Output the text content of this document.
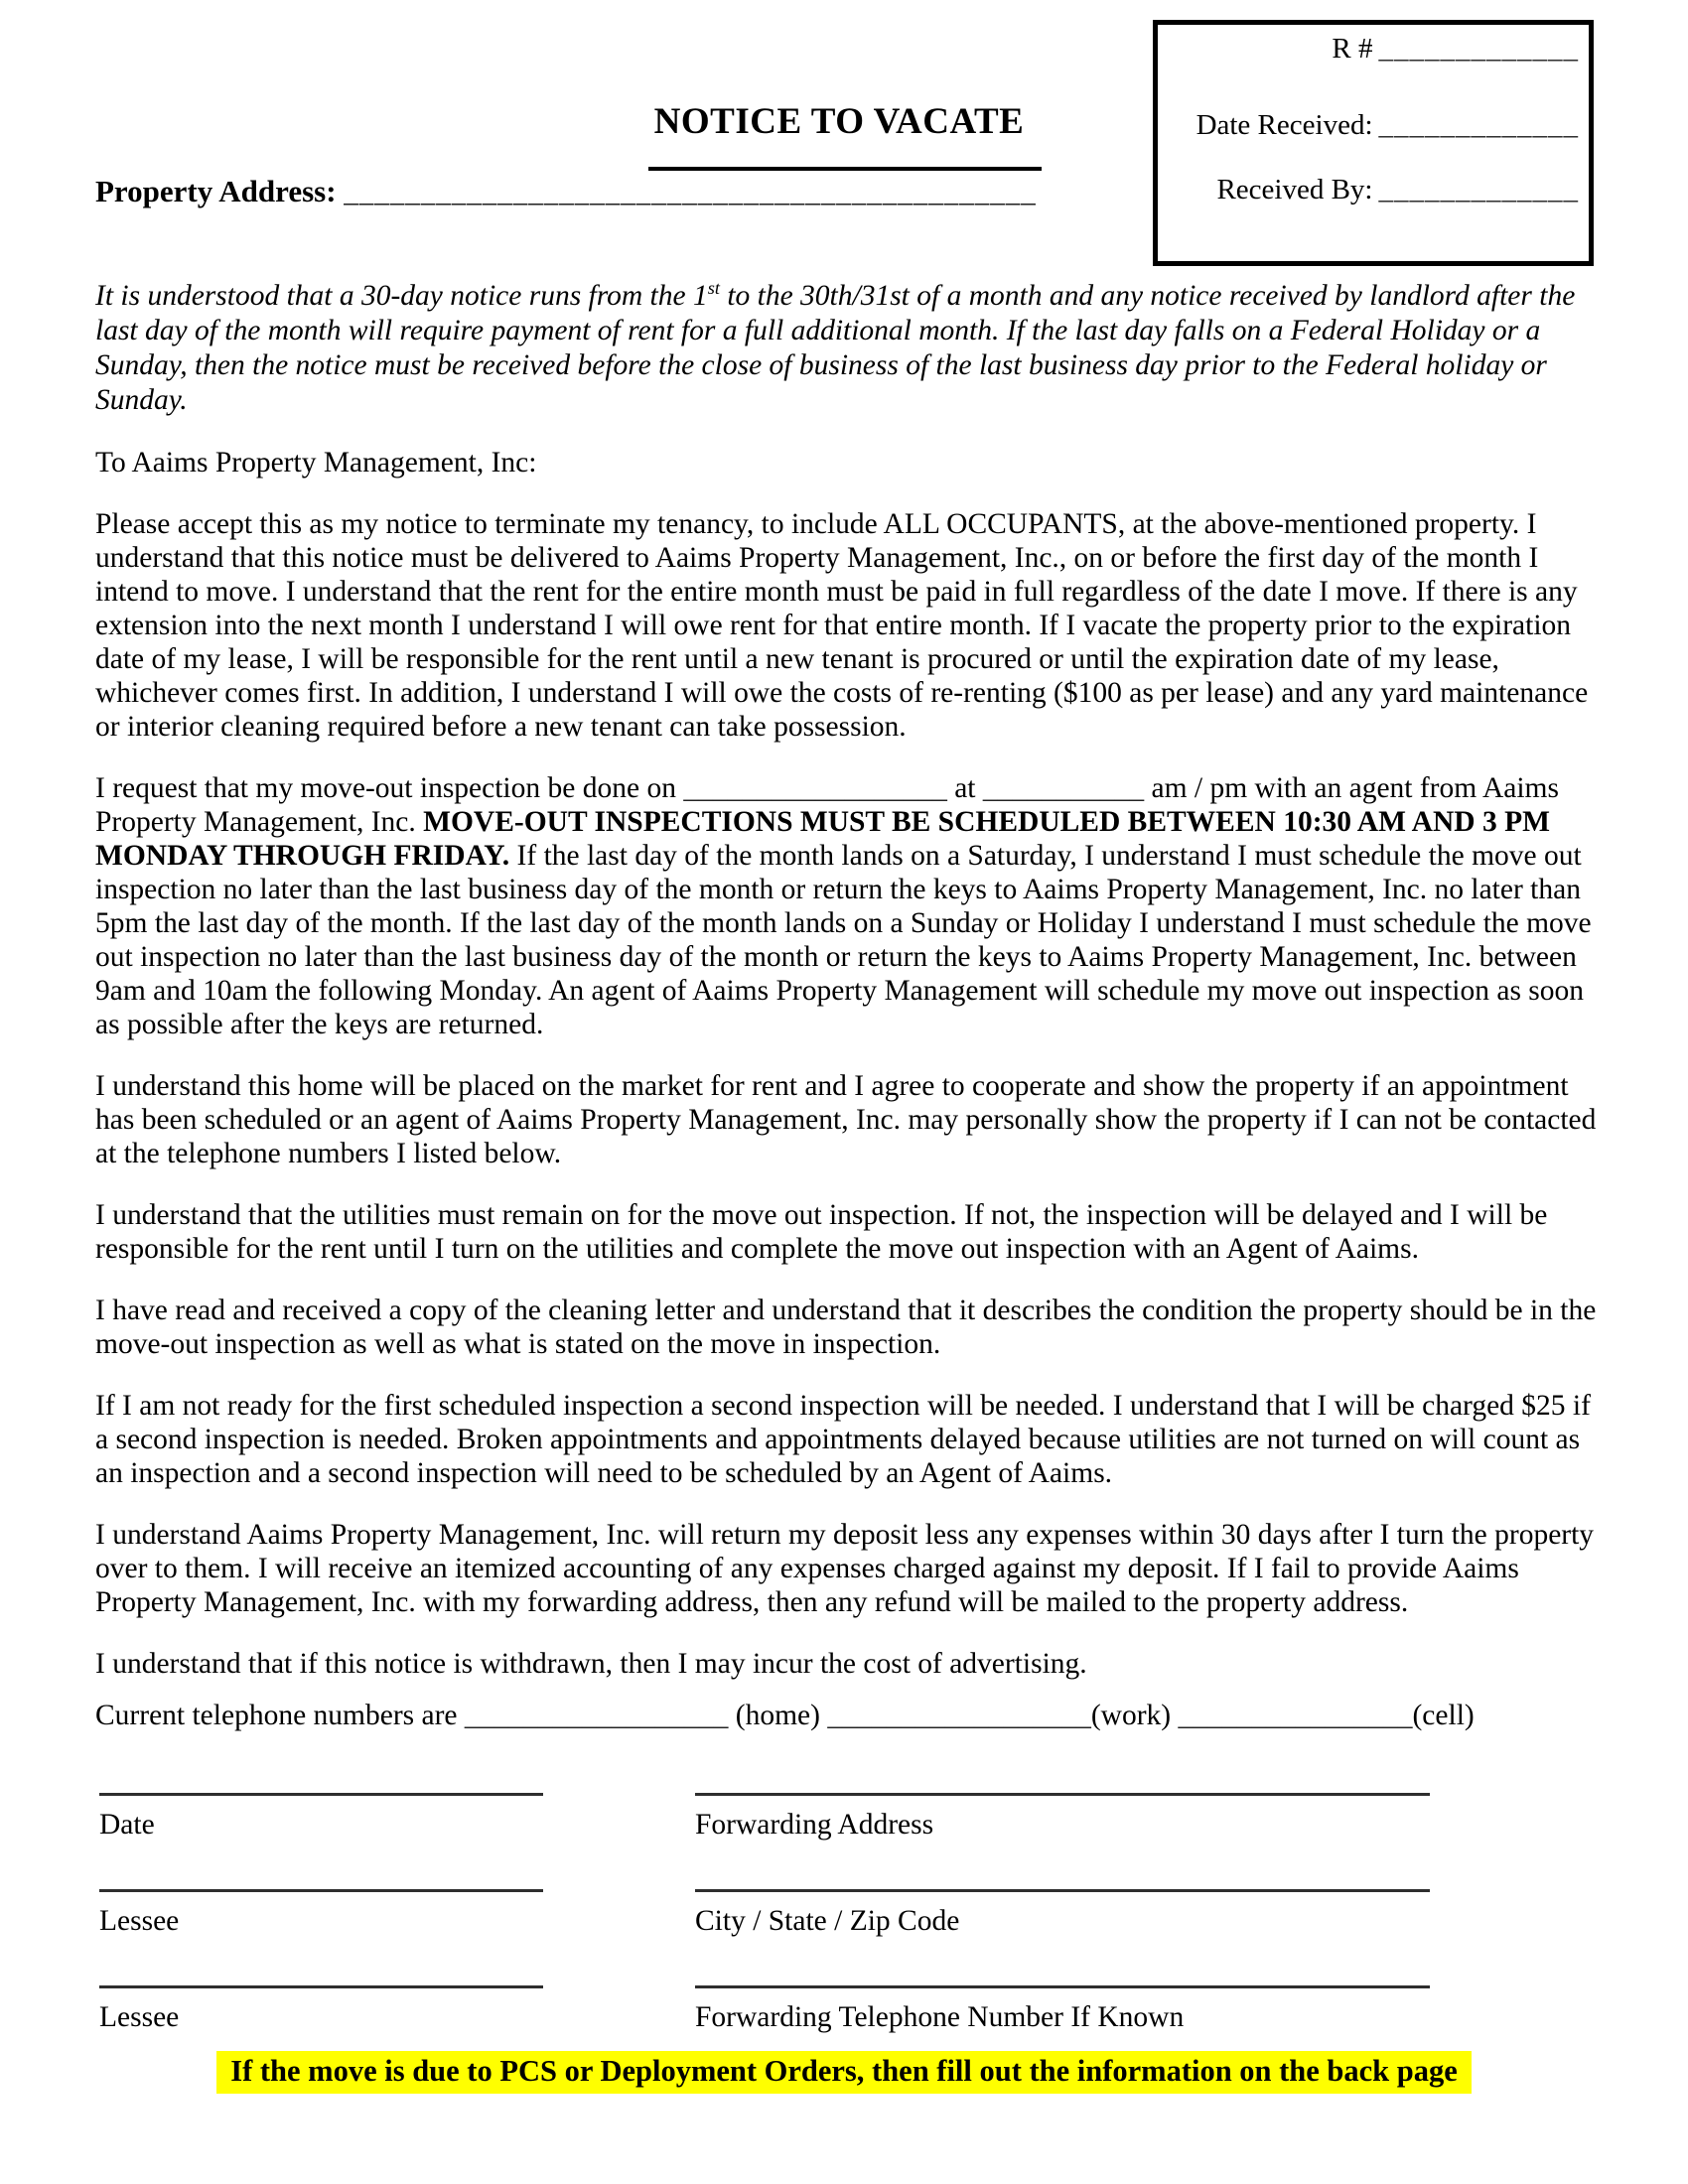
R # _____________
Date Received: _____________
Received By: _____________
NOTICE TO VACATE
Property Address: _____________________________________________

It is understood that a 30-day notice runs from the 1st to the 30th/31st of a month and any notice received by landlord after the last day of the month will require payment of rent for a full additional month. If the last day falls on a Federal Holiday or a Sunday, then the notice must be received before the close of business of the last business day prior to the Federal holiday or Sunday.

To Aaims Property Management, Inc:

Please accept this as my notice to terminate my tenancy, to include ALL OCCUPANTS, at the above-mentioned property. I understand that this notice must be delivered to Aaims Property Management, Inc., on or before the first day of the month I intend to move. I understand that the rent for the entire month must be paid in full regardless of the date I move. If there is any extension into the next month I understand I will owe rent for that entire month. If I vacate the property prior to the expiration date of my lease, I will be responsible for the rent until a new tenant is procured or until the expiration date of my lease, whichever comes first. In addition, I understand I will owe the costs of re-renting ($100 as per lease) and any yard maintenance or interior cleaning required before a new tenant can take possession.

I request that my move-out inspection be done on __________________ at ___________ am / pm with an agent from Aaims Property Management, Inc. MOVE-OUT INSPECTIONS MUST BE SCHEDULED BETWEEN 10:30 AM AND 3 PM MONDAY THROUGH FRIDAY. If the last day of the month lands on a Saturday, I understand I must schedule the move out inspection no later than the last business day of the month or return the keys to Aaims Property Management, Inc. no later than 5pm the last day of the month. If the last day of the month lands on a Sunday or Holiday I understand I must schedule the move out inspection no later than the last business day of the month or return the keys to Aaims Property Management, Inc. between 9am and 10am the following Monday. An agent of Aaims Property Management will schedule my move out inspection as soon as possible after the keys are returned.

I understand this home will be placed on the market for rent and I agree to cooperate and show the property if an appointment has been scheduled or an agent of Aaims Property Management, Inc. may personally show the property if I can not be contacted at the telephone numbers I listed below.

I understand that the utilities must remain on for the move out inspection. If not, the inspection will be delayed and I will be responsible for the rent until I turn on the utilities and complete the move out inspection with an Agent of Aaims.

I have read and received a copy of the cleaning letter and understand that it describes the condition the property should be in the move-out inspection as well as what is stated on the move in inspection.

If I am not ready for the first scheduled inspection a second inspection will be needed. I understand that I will be charged $25 if a second inspection is needed. Broken appointments and appointments delayed because utilities are not turned on will count as an inspection and a second inspection will need to be scheduled by an Agent of Aaims.

I understand Aaims Property Management, Inc. will return my deposit less any expenses within 30 days after I turn the property over to them. I will receive an itemized accounting of any expenses charged against my deposit. If I fail to provide Aaims Property Management, Inc. with my forwarding address, then any refund will be mailed to the property address.

I understand that if this notice is withdrawn, then I may incur the cost of advertising.

Current telephone numbers are __________________ (home) __________________(work) ________________(cell)
Date	Forwarding Address
Lessee	City / State / Zip Code
Lessee	Forwarding Telephone Number If Known
If the move is due to PCS or Deployment Orders, then fill out the information on the back page
